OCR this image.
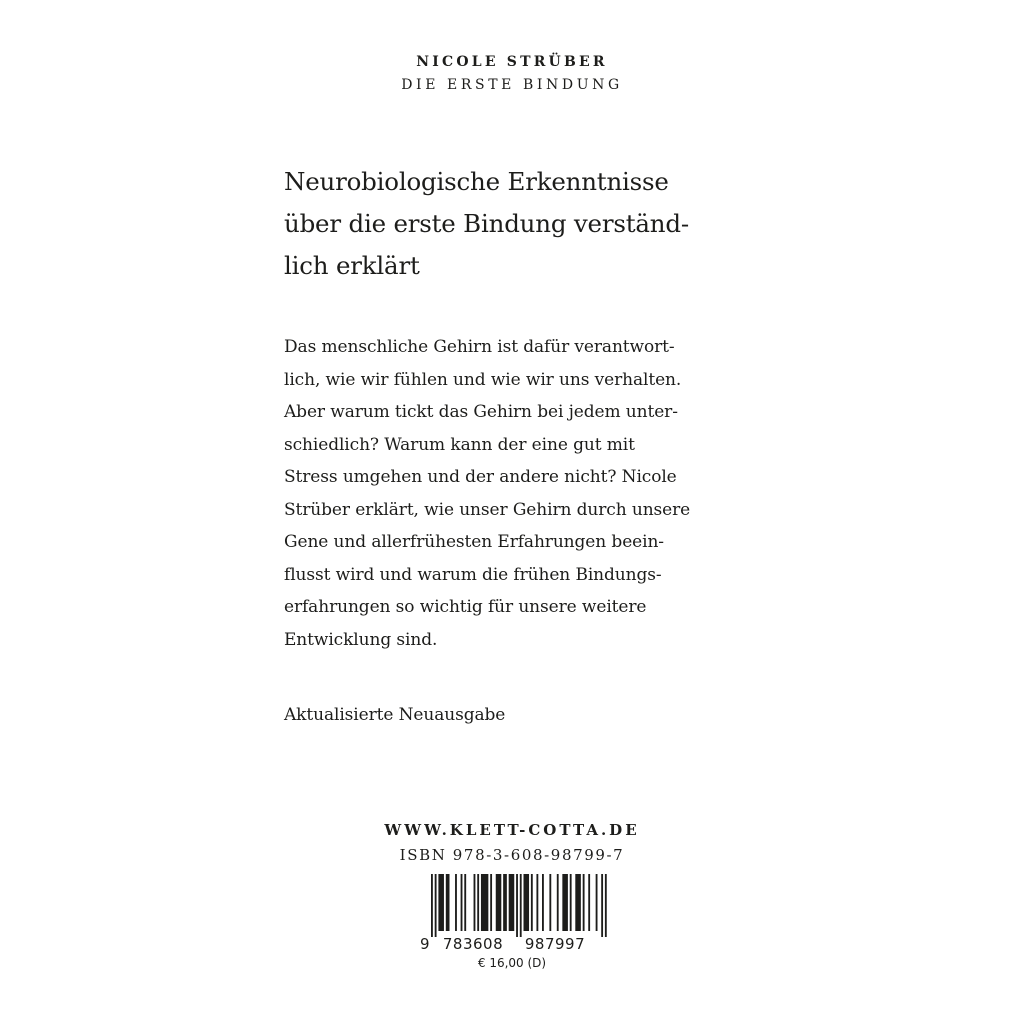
NICOLE STRÜBER
DIE ERSTE BINDUNG
Neurobiologische Erkenntnisse
über die erste Bindung verständ-
lich erklärt
Das menschliche Gehirn ist dafür verantwort-
lich, wie wir fühlen und wie wir uns verhalten.
Aber warum tickt das Gehirn bei jedem unter-
schiedlich? Warum kann der eine gut mit
Stress umgehen und der andere nicht? Nicole
Strüber erklärt, wie unser Gehirn durch unsere
Gene und allerfrühesten Erfahrungen beein-
flusst wird und warum die frühen Bindungs-
erfahrungen so wichtig für unsere weitere
Entwicklung sind.
Aktualisierte Neuausgabe
WWW.KLETT-COTTA.DE
ISBN 978-3-608-98799-7
9 783608 987997
€ 16,00 (D)
